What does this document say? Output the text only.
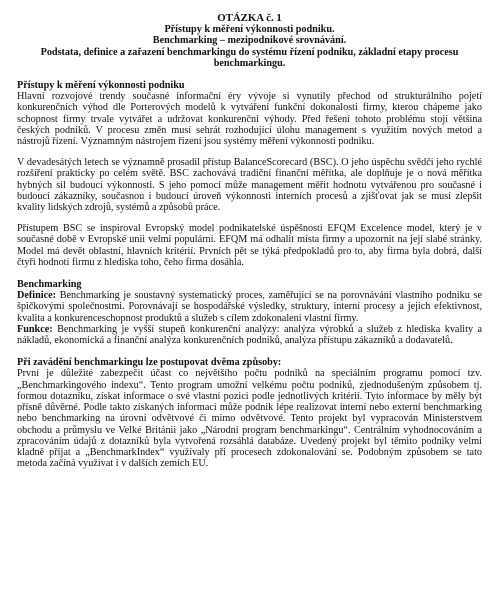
OTÁZKA č. 1
Přístupy k měření výkonnosti podniku.
Benchmarking – mezipodnikové srovnávání.
Podstata, definice a zařazení benchmarkingu do systému řízení podniku, základní etapy procesu benchmarkingu.
Přístupy k měření výkonnosti podniku

Hlavní rozvojové trendy současné informační éry vývoje si vynutily přechod od strukturálního pojetí konkurenčních výhod dle Porterových modelů k vytváření funkční dokonalosti firmy, kterou chápeme jako schopnost firmy trvale vytvářet a udržovat konkurenční výhody. Před řešení tohoto problému stojí většina českých podniků. V procesu změn musí sehrát rozhodující úlohu management s využitím nových metod a nástrojů řízení. Významným nástrojem řízení jsou systémy měření výkonnosti podniku.

V devadesátých letech se významně prosadil přístup BalanceScorecard (BSC). O jeho úspěchu svědčí jeho rychlé rozšíření prakticky po celém světě. BSC zachovává tradiční finanční měřítka, ale doplňuje je o nová měřítka hybných sil budoucí výkonnosti. S jeho pomocí může management měřit hodnotu vytvářenou pro současné i budoucí zákazníky, současnou i budoucí úroveň výkonnosti interních procesů a zjišťovat jak se musí zlepšit kvality lidských zdrojů, systémů a způsobů práce.

Přístupem BSC se inspiroval Evropský model podnikatelské úspěšnosti EFQM Excelence model, který je v současné době v Evropské unii velmi populární. EFQM má odhalit místa firmy a upozornit na její slabé stránky. Model má devět oblastní, hlavních kritérií. Prvních pět se týká předpokladů pro to, aby firma byla dobrá, další čtyři hodnotí firmu z hlediska toho, čeho firma dosáhla.

Benchmarking

Definice: Benchmarking je soustavný systematický proces, zaměřující se na porovnávání vlastního podniku se špičkovými společnostmi. Porovnávají se hospodářské výsledky, struktury, interní procesy a jejich efektivnost, kvalita a konkurenceschopnost produktů a služeb s cílem zdokonalení vlastní firmy.

Funkce: Benchmarking je vyšší stupeň konkurenční analýzy: analýza výrobků a služeb z hlediska kvality a nákladů, ekonomická a finanční analýza konkurenčních podniků, analýza přístupu zákazníků a dodavatelů.

Při zavádění benchmarkingu lze postupovat dvěma způsoby:

První je důležité zabezpečit účast co největšího počtu podniků na speciálním programu pomocí tzv. „Benchmarkingového indexu“. Tento program umožní velkému počtu podniků, zjednodušeným způsobem tj. formou dotazníku, získat informace o své vlastní pozici podle jednotlivých kritérií. Tyto informace by měly být přísně důvěrné. Podle takto získaných informací může podnik lépe realizovat interní nebo externí benchmarking nebo benchmarking na úrovni odvětvové či mimo odvětvové. Tento projekt byl vypracován Ministerstvem obchodu a průmyslu ve Velké Británii jako „Národní program benchmarkingu“. Centrálním vyhodnocováním a zpracováním údajů z dotazníků byla vytvořená rozsáhlá databáze. Uvedený projekt byl těmito podniky velmi kladně přijat a „BenchmarkIndex“ využívaly při procesech zdokonalování se. Podobným způsobem se tato metoda začíná využívat i v dalších zemích EU.
